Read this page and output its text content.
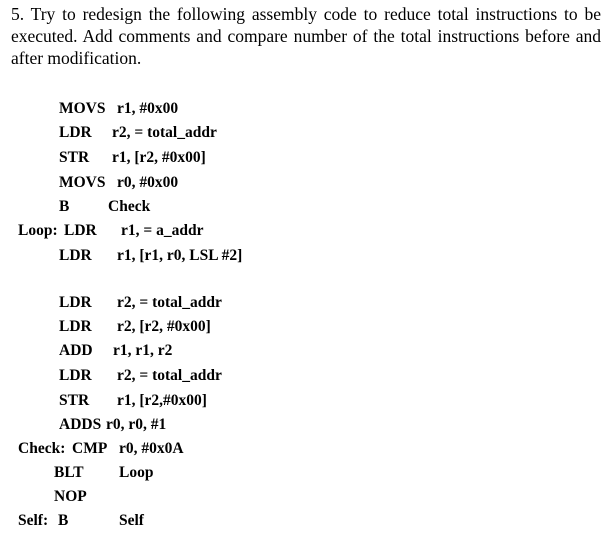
5. Try to redesign the following assembly code to reduce total instructions to be executed. Add comments and compare number of the total instructions before and after modification.

MOVS r1, #0x00
LDR r2, = total_addr
STR r1, [r2, #0x00]
MOVS r0, #0x00
B Check
Loop: LDR r1, = a_addr
LDR r1, [r1, r0, LSL #2]
LDR r2, = total_addr
LDR r2, [r2, #0x00]
ADD r1, r1, r2
LDR r2, = total_addr
STR r1, [r2,#0x00]
ADDS r0, r0, #1
Check: CMP r0, #0x0A
BLT Loop
NOP
Self: B	Self
